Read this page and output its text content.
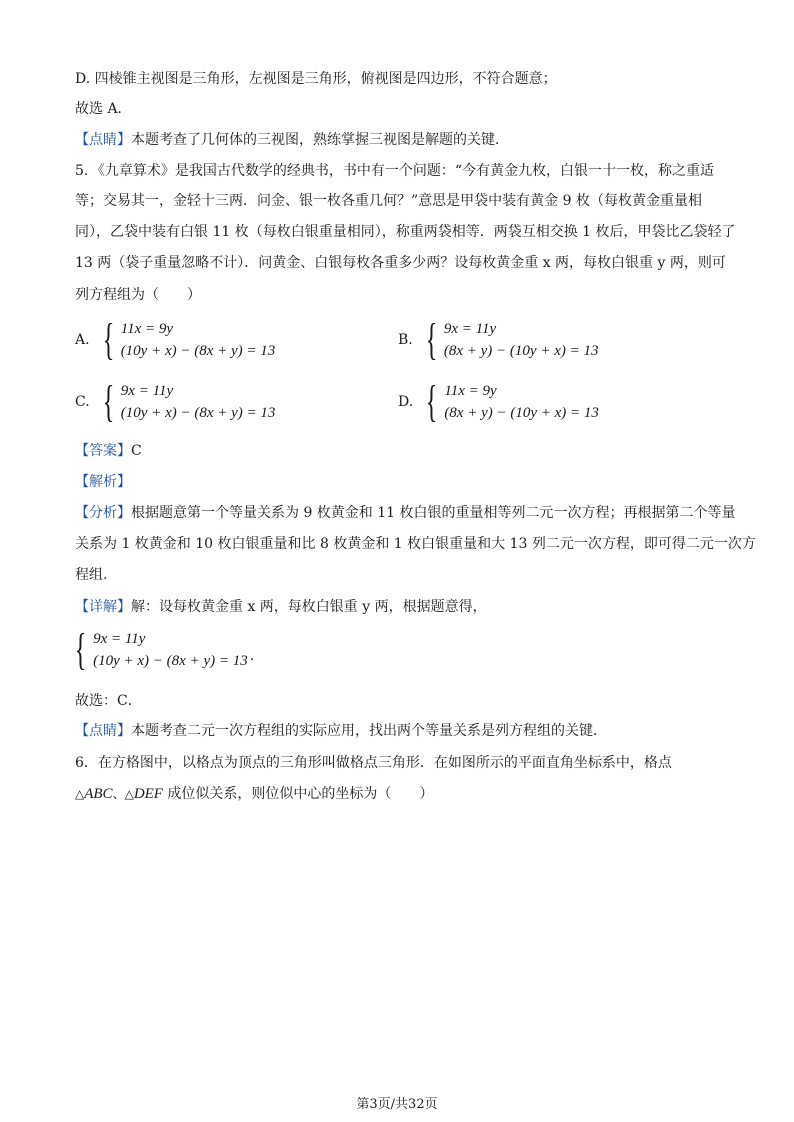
D. 四棱锥主视图是三角形，左视图是三角形，俯视图是四边形，不符合题意；
故选 A．
【点睛】本题考查了几何体的三视图，熟练掌握三视图是解题的关键．
5．《九章算术》是我国古代数学的经典书，书中有一个问题：“今有黄金九枚，白银一十一枚，称之重适
等；交易其一，金轻十三两．问金、银一枚各重几何？”意思是甲袋中装有黄金 9 枚（每枚黄金重量相
同），乙袋中装有白银 11 枚（每枚白银重量相同），称重两袋相等．两袋互相交换 1 枚后，甲袋比乙袋轻了
13 两（袋子重量忽略不计）．问黄金、白银每枚各重多少两？设每枚黄金重 x 两，每枚白银重 y 两，则可
列方程组为（　　）
A. { 11x = 9y
(10y + x) − (8x + y) = 13
B. { 9x = 11y
(8x + y) − (10y + x) = 13
C. { 9x = 11y
(10y + x) − (8x + y) = 13
D. { 11x = 9y
(8x + y) − (10y + x) = 13
【答案】C
【解析】
【分析】根据题意第一个等量关系为 9 枚黄金和 11 枚白银的重量相等列二元一次方程；再根据第二个等量
关系为 1 枚黄金和 10 枚白银重量和比 8 枚黄金和 1 枚白银重量和大 13 列二元一次方程，即可得二元一次方
程组.
【详解】解：设每枚黄金重 x 两，每枚白银重 y 两，根据题意得，
{ 9x = 11y
(10y + x) − (8x + y) = 13 .
故选：C．
【点睛】本题考查二元一次方程组的实际应用，找出两个等量关系是列方程组的关键．
6．在方格图中，以格点为顶点的三角形叫做格点三角形．在如图所示的平面直角坐标系中，格点
△ABC、△DEF 成位似关系，则位似中心的坐标为（　　）
第3页/共32页
